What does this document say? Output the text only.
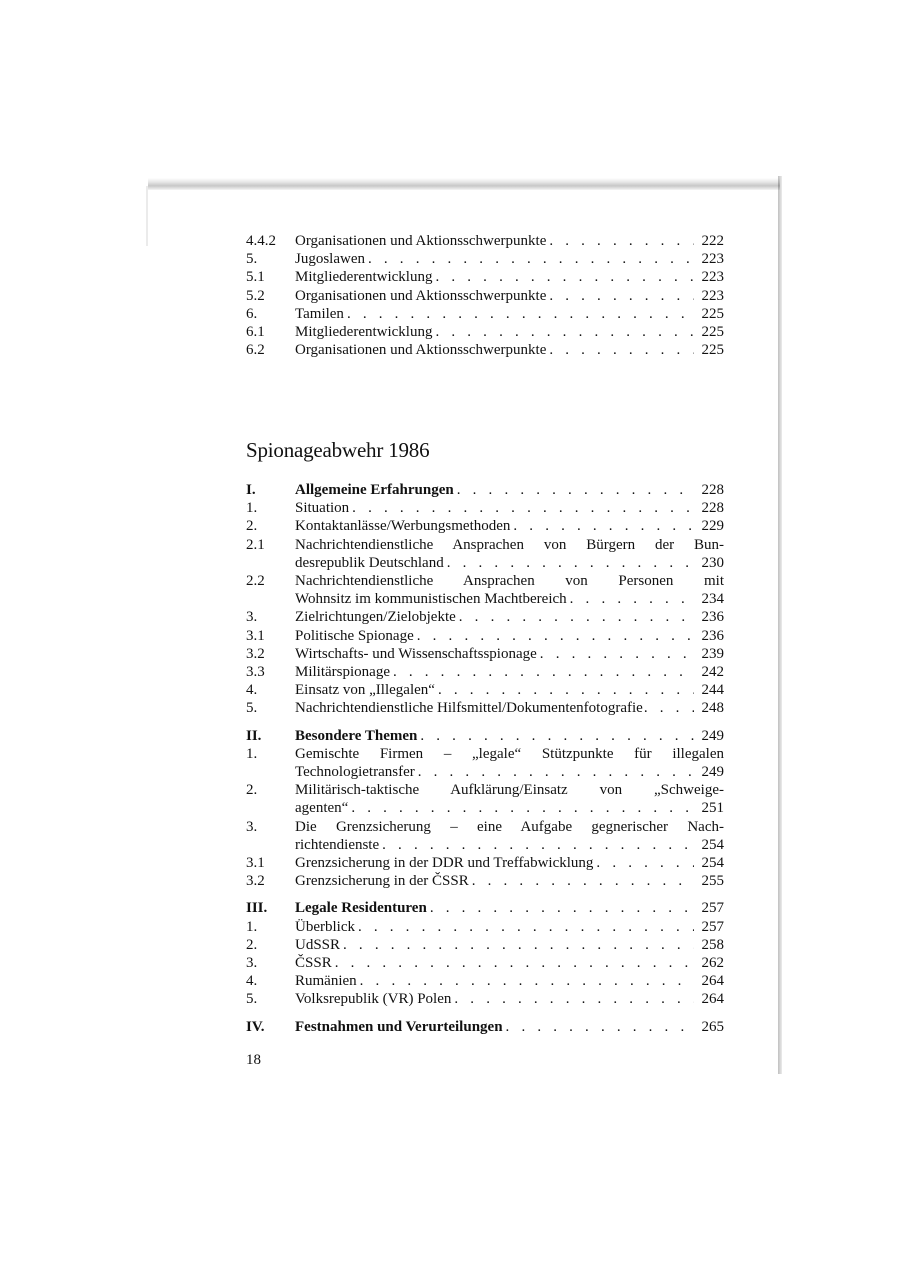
4.4.2	Organisationen und Aktionsschwerpunkte . . .	222
5.	Jugoslawen . . .	223
5.1	Mitgliederentwicklung . . .	223
5.2	Organisationen und Aktionsschwerpunkte . . .	223
6.	Tamilen . . .	225
6.1	Mitgliederentwicklung . . .	225
6.2	Organisationen und Aktionsschwerpunkte . . .	225
Spionageabwehr 1986
I.	Allgemeine Erfahrungen . . .	228
1.	Situation . . .	228
2.	Kontaktanlässe/Werbungsmethoden . . .	229
2.1	Nachrichtendienstliche Ansprachen von Bürgern der Bun-
desrepublik Deutschland . . .	230
2.2	Nachrichtendienstliche Ansprachen von Personen mit
Wohnsitz im kommunistischen Machtbereich . . .	234
3.	Zielrichtungen/Zielobjekte . . .	236
3.1	Politische Spionage . . .	236
3.2	Wirtschafts- und Wissenschaftsspionage . . .	239
3.3	Militärspionage . . .	242
4.	Einsatz von „Illegalen“ . . .	244
5.	Nachrichtendienstliche Hilfsmittel/Dokumentenfotografie . . .	248
II.	Besondere Themen . . .	249
1.	Gemischte Firmen – „legale“ Stützpunkte für illegalen
Technologietransfer . . .	249
2.	Militärisch-taktische Aufklärung/Einsatz von „Schweige-
agenten“ . . .	251
3.	Die Grenzsicherung – eine Aufgabe gegnerischer Nach-
richtendienste . . .	254
3.1	Grenzsicherung in der DDR und Treffabwicklung . . .	254
3.2	Grenzsicherung in der ČSSR . . .	255
III.	Legale Residenturen . . .	257
1.	Überblick . . .	257
2.	UdSSR . . .	258
3.	ČSSR . . .	262
4.	Rumänien . . .	264
5.	Volksrepublik (VR) Polen . . .	264
IV.	Festnahmen und Verurteilungen . . .	265
18
